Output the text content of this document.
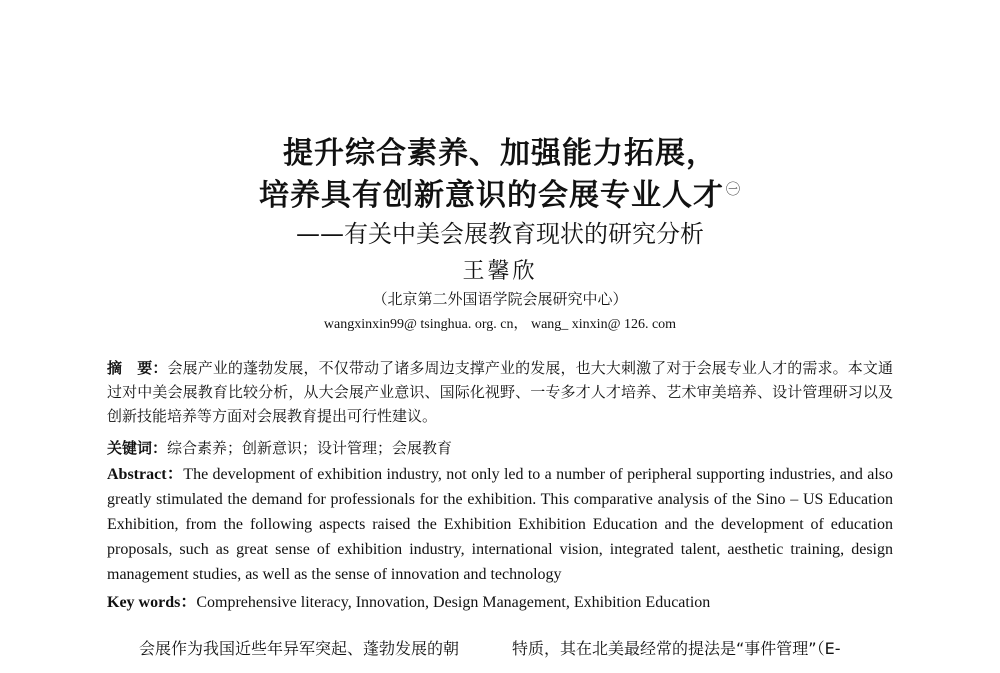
提升综合素养、加强能力拓展，
培养具有创新意识的会展专业人才 $^㊀$
——有关中美会展教育现状的研究分析
王馨欣
（北京第二外国语学院会展研究中心）
wangxinxin99@ tsinghua. org. cn， wang_ xinxin@ 126. com
摘　要：会展产业的蓬勃发展，不仅带动了诸多周边支撑产业的发展，也大大刺激了对于会展专业人才的需求。本文通过对中美会展教育比较分析，从大会展产业意识、国际化视野、一专多才人才培养、艺术审美培养、设计管理研习以及创新技能培养等方面对会展教育提出可行性建议。
关键词：综合素养；创新意识；设计管理；会展教育
Abstract：The development of exhibition industry, not only led to a number of peripheral supporting industries, and also greatly stimulated the demand for professionals for the exhibition. This comparative analysis of the Sino – US Education Exhibition, from the following aspects raised the Exhibition Exhibition Education and the development of education proposals, such as great sense of exhibition industry, international vision, integrated talent, aesthetic training, design management studies, as well as the sense of innovation and technology
Key words：Comprehensive literacy, Innovation, Design Management, Exhibition Education
会展作为我国近些年异军突起、蓬勃发展的朝	特质，其在北美最经常的提法是“事件管理”（E-
